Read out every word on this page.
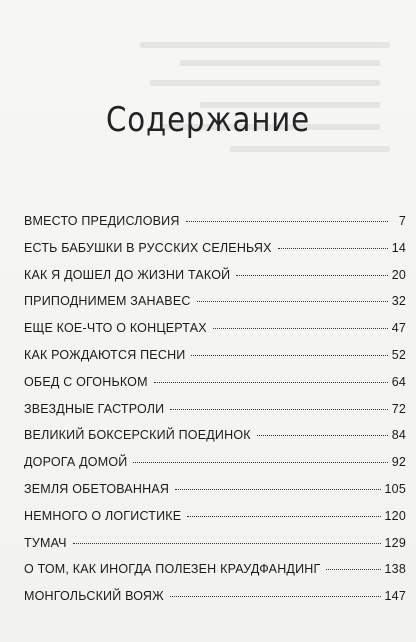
Содержание
ВМЕСТО ПРЕДИСЛОВИЯ	7
ЕСТЬ БАБУШКИ В РУССКИХ СЕЛЕНЬЯХ	14
КАК Я ДОШЕЛ ДО ЖИЗНИ ТАКОЙ	20
ПРИПОДНИМЕМ ЗАНАВЕС	32
ЕЩЕ КОЕ-ЧТО О КОНЦЕРТАХ	47
КАК РОЖДАЮТСЯ ПЕСНИ	52
ОБЕД С ОГОНЬКОМ	64
ЗВЕЗДНЫЕ ГАСТРОЛИ	72
ВЕЛИКИЙ БОКСЕРСКИЙ ПОЕДИНОК	84
ДОРОГА ДОМОЙ	92
ЗЕМЛЯ ОБЕТОВАННАЯ	105
НЕМНОГО О ЛОГИСТИКЕ	120
ТУМАЧ	129
О ТОМ, КАК ИНОГДА ПОЛЕЗЕН КРАУДФАНДИНГ	138
МОНГОЛЬСКИЙ ВОЯЖ	147
